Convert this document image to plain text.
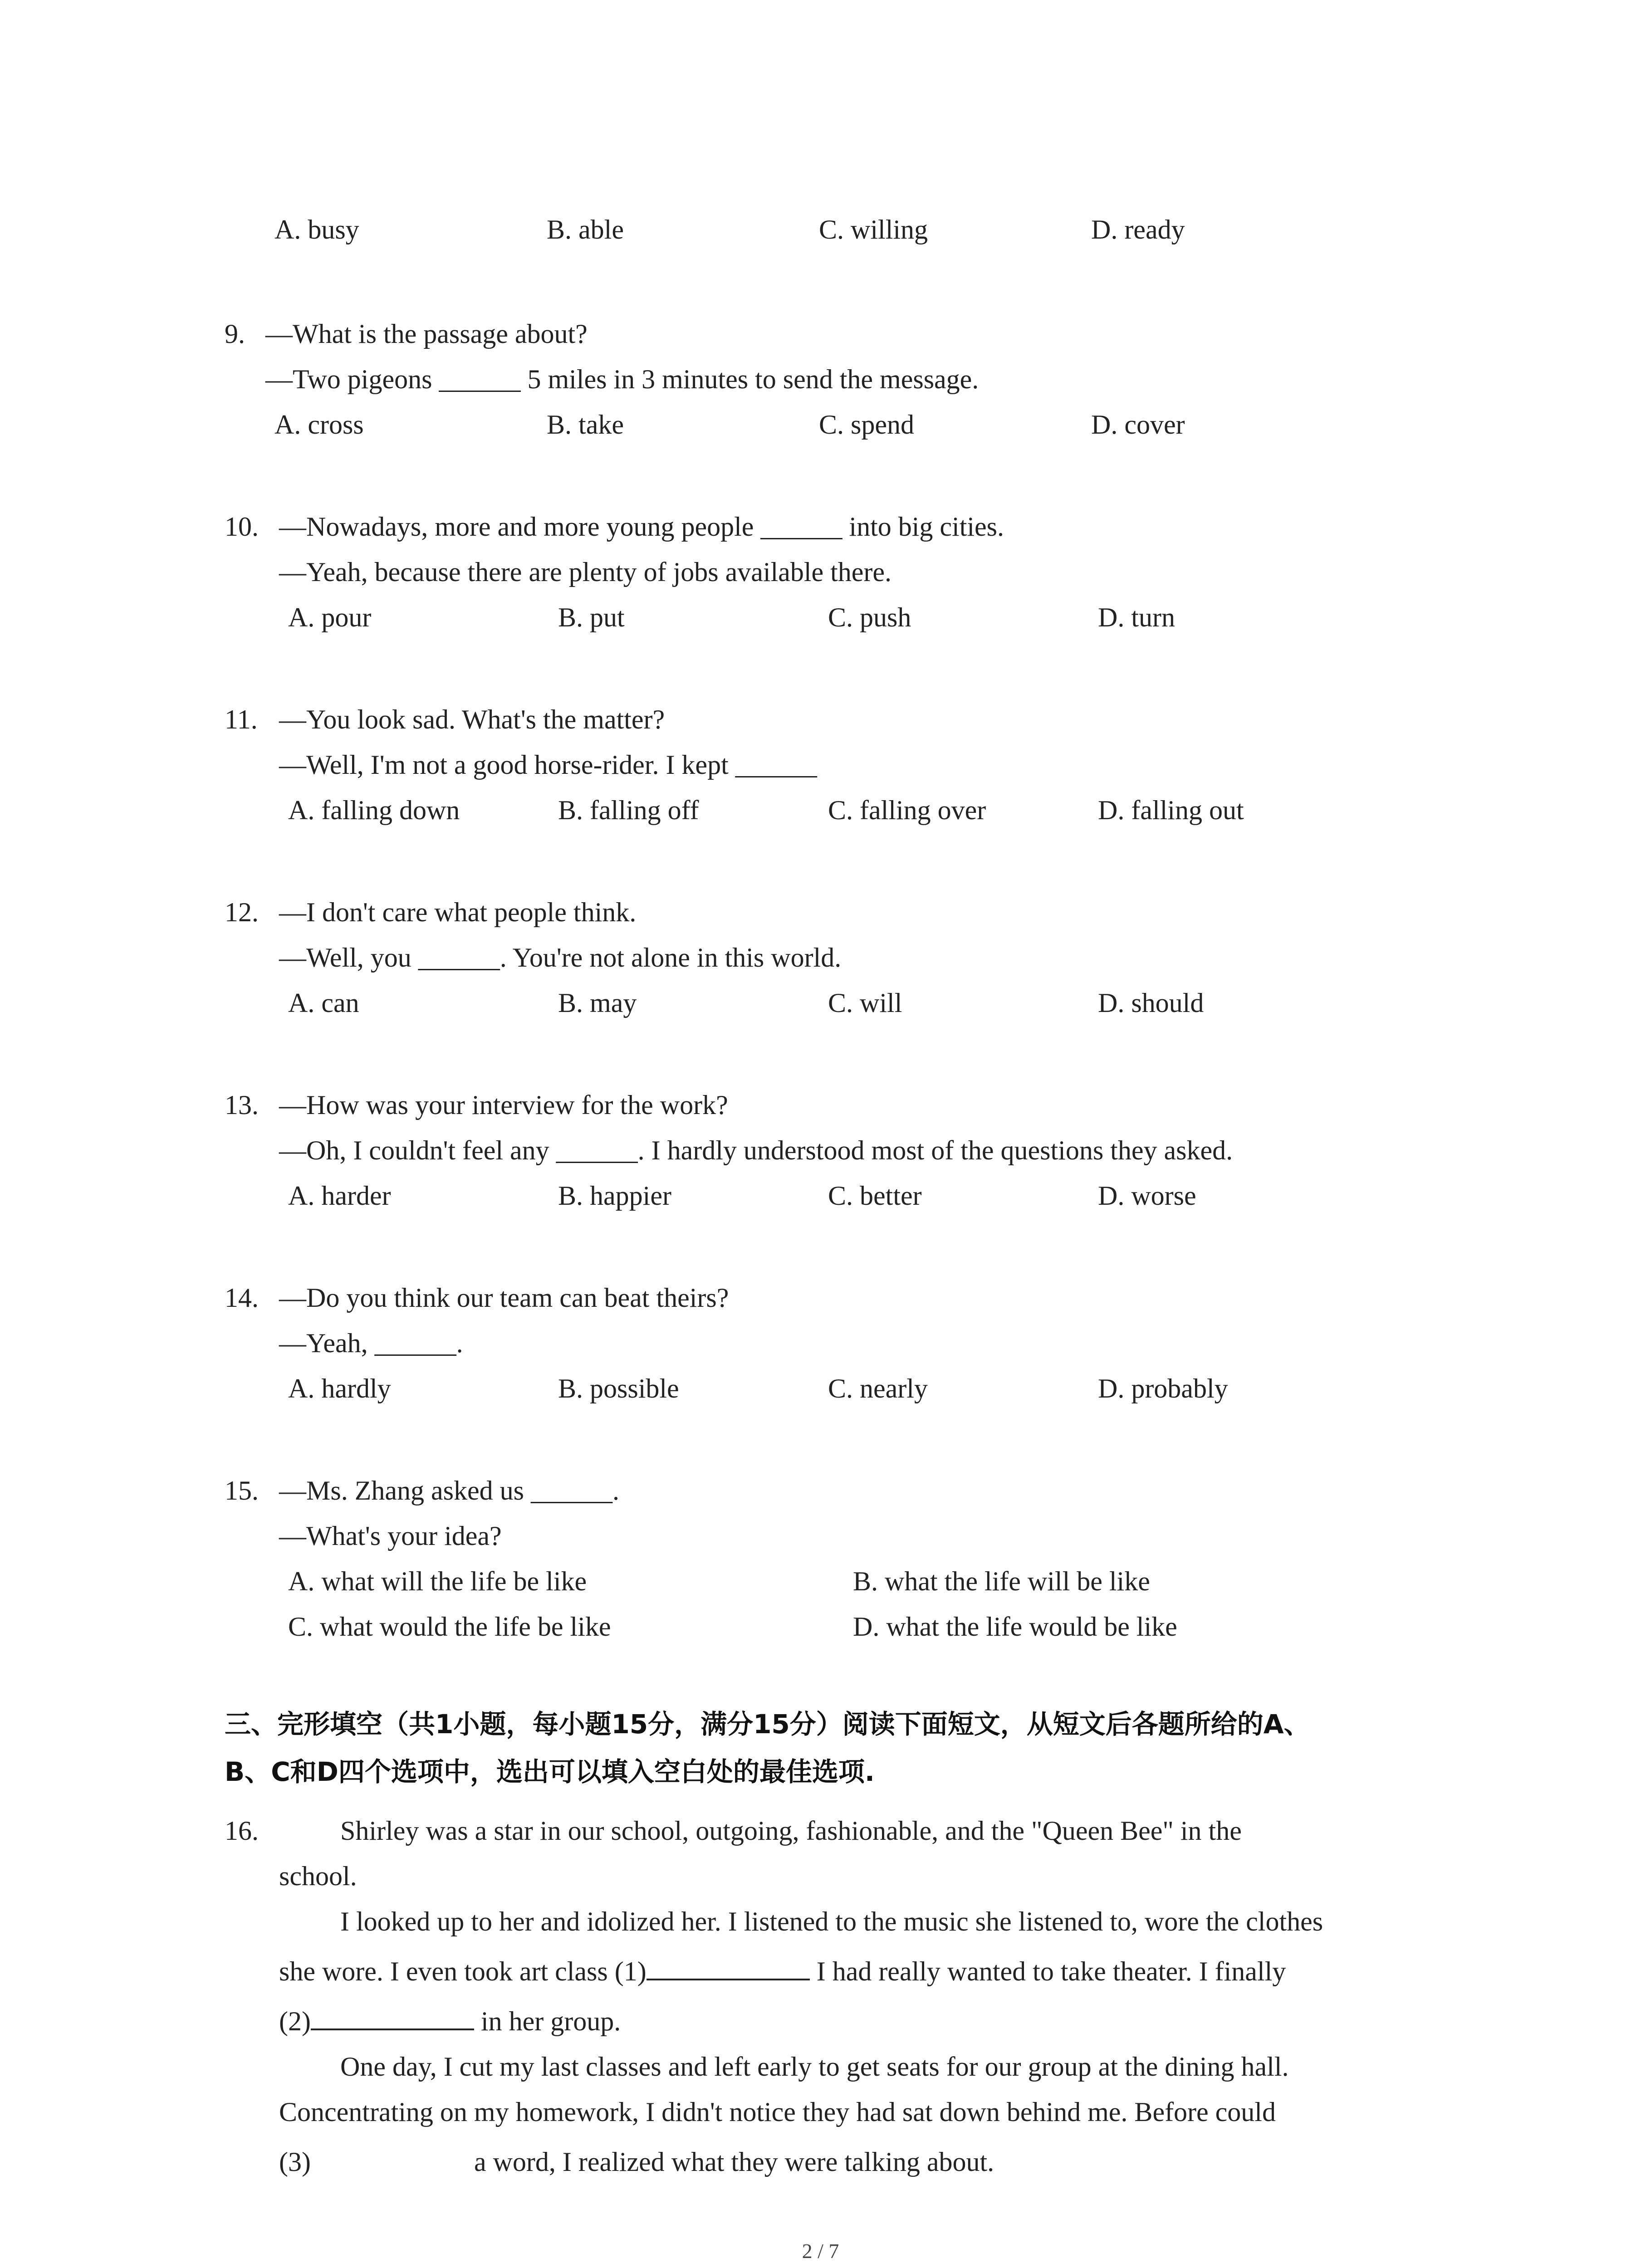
A. busy	B. able	C. willing	D. ready
9. —What is the passage about?
—Two pigeons ______ 5 miles in 3 minutes to send the message.
A. cross	B. take	C. spend	D. cover
10. —Nowadays, more and more young people ______ into big cities.
—Yeah, because there are plenty of jobs available there.
A. pour	B. put	C. push	D. turn
11. —You look sad. What's the matter?
—Well, I'm not a good horse-rider. I kept ______
A. falling down	B. falling off	C. falling over	D. falling out
12. —I don't care what people think.
—Well, you ______. You're not alone in this world.
A. can	B. may	C. will	D. should
13. —How was your interview for the work?
—Oh, I couldn't feel any ______. I hardly understood most of the questions they asked.
A. harder	B. happier	C. better	D. worse
14. —Do you think our team can beat theirs?
—Yeah, ______.
A. hardly	B. possible	C. nearly	D. probably
15. —Ms. Zhang asked us ______.
—What's your idea?
A. what will the life be like	B. what the life will be like
C. what would the life be like	D. what the life would be like
三、完形填空（共1小题，每小题15分，满分15分）阅读下面短文，从短文后各题所给的A、
B、C和D四个选项中，选出可以填入空白处的最佳选项.
16.	Shirley was a star in our school, outgoing, fashionable, and the "Queen Bee" in the
school.
I looked up to her and idolized her. I listened to the music she listened to, wore the clothes
she wore. I even took art class (1)	I had really wanted to take theater. I finally
(2)	in her group.
One day, I cut my last classes and left early to get seats for our group at the dining hall.
Concentrating on my homework, I didn't notice they had sat down behind me. Before could
(3)	a word, I realized what they were talking about.
2 / 7
